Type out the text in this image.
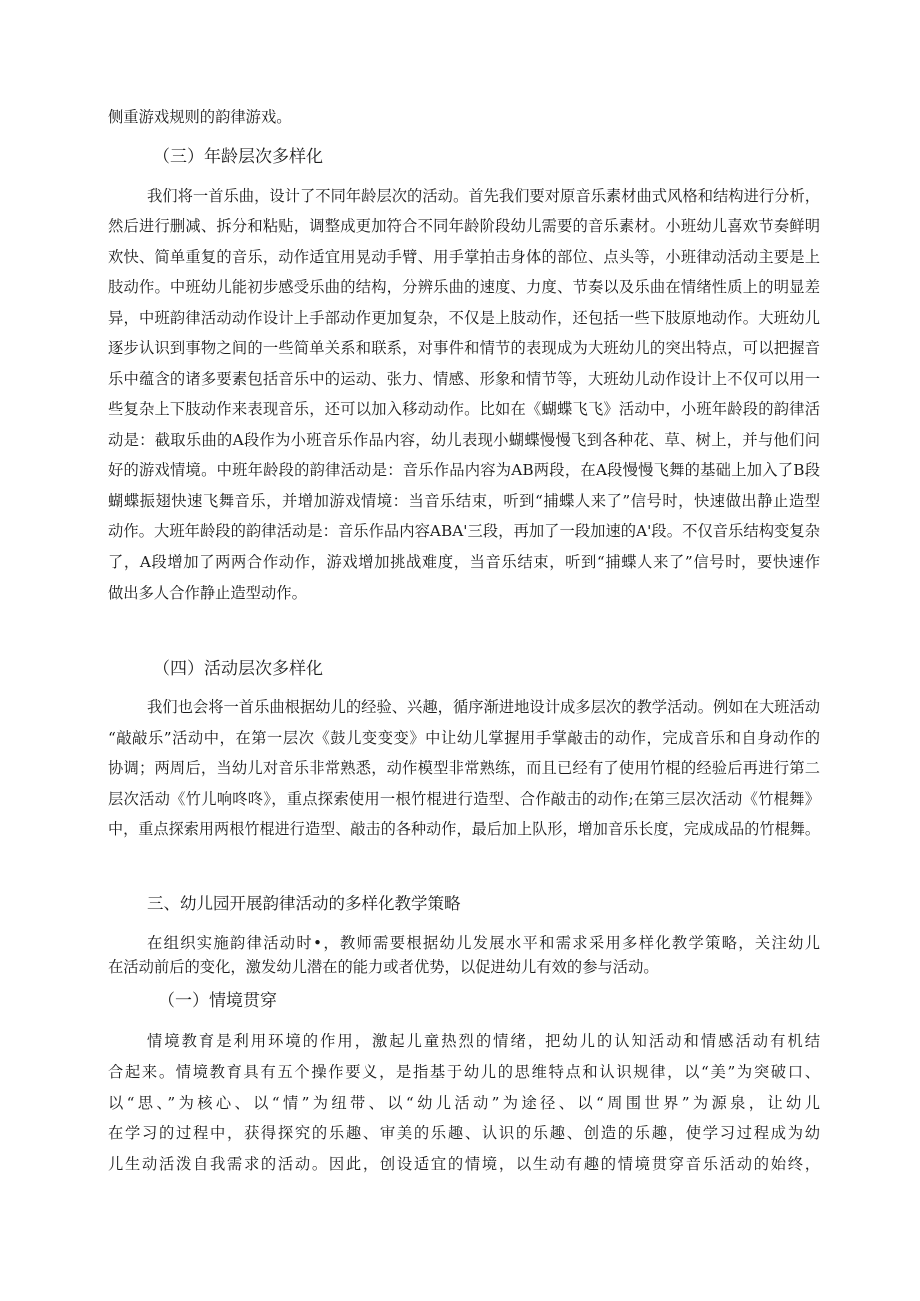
侧重游戏规则的韵律游戏。
（三）年龄层次多样化
我们将一首乐曲，设计了不同年龄层次的活动。首先我们要对原音乐素材曲式风格和结构进行分析，
然后进行删减、拆分和粘贴，调整成更加符合不同年龄阶段幼儿需要的音乐素材。小班幼儿喜欢节奏鲜明
欢快、简单重复的音乐，动作适宜用晃动手臂、用手掌拍击身体的部位、点头等，小班律动活动主要是上
肢动作。中班幼儿能初步感受乐曲的结构，分辨乐曲的速度、力度、节奏以及乐曲在情绪性质上的明显差
异，中班韵律活动动作设计上手部动作更加复杂，不仅是上肢动作，还包括一些下肢原地动作。大班幼儿
逐步认识到事物之间的一些简单关系和联系，对事件和情节的表现成为大班幼儿的突出特点，可以把握音
乐中蕴含的诸多要素包括音乐中的运动、张力、情感、形象和情节等，大班幼儿动作设计上不仅可以用一
些复杂上下肢动作来表现音乐，还可以加入移动动作。比如在《蝴蝶飞飞》活动中，小班年龄段的韵律活
动是：截取乐曲的A段作为小班音乐作品内容，幼儿表现小蝴蝶慢慢飞到各种花、草、树上，并与他们问
好的游戏情境。中班年龄段的韵律活动是：音乐作品内容为AB两段，在A段慢慢飞舞的基础上加入了B段
蝴蝶振翅快速飞舞音乐，并增加游戏情境：当音乐结束，听到“捕蝶人来了”信号时，快速做出静止造型
动作。大班年龄段的韵律活动是：音乐作品内容ABA'三段，再加了一段加速的A'段。不仅音乐结构变复杂
了，A段增加了两两合作动作，游戏增加挑战难度，当音乐结束，听到“捕蝶人来了”信号时，要快速作
做出多人合作静止造型动作。
（四）活动层次多样化
我们也会将一首乐曲根据幼儿的经验、兴趣，循序渐进地设计成多层次的教学活动。例如在大班活动
“敲敲乐”活动中，在第一层次《鼓儿变变变》中让幼儿掌握用手掌敲击的动作，完成音乐和自身动作的
协调；两周后，当幼儿对音乐非常熟悉，动作模型非常熟练，而且已经有了使用竹棍的经验后再进行第二
层次活动《竹儿响咚咚》，重点探索使用一根竹棍进行造型、合作敲击的动作;在第三层次活动《竹棍舞》
中，重点探索用两根竹棍进行造型、敲击的各种动作，最后加上队形，增加音乐长度，完成成品的竹棍舞。
三、幼儿园开展韵律活动的多样化教学策略
在组织实施韵律活动时•，教师需要根据幼儿发展水平和需求采用多样化教学策略，关注幼儿
在活动前后的变化，激发幼儿潜在的能力或者优势，以促进幼儿有效的参与活动。
（一）情境贯穿
情境教育是利用环境的作用，激起儿童热烈的情绪，把幼儿的认知活动和情感活动有机结
合起来。情境教育具有五个操作要义，是指基于幼儿的思维特点和认识规律，以“美”为突破口、
以“思、”为核心、以“情”为纽带、以“幼儿活动”为途径、以“周围世界”为源泉，让幼儿
在学习的过程中，获得探究的乐趣、审美的乐趣、认识的乐趣、创造的乐趣，使学习过程成为幼
儿生动活泼自我需求的活动。因此，创设适宜的情境，以生动有趣的情境贯穿音乐活动的始终，
